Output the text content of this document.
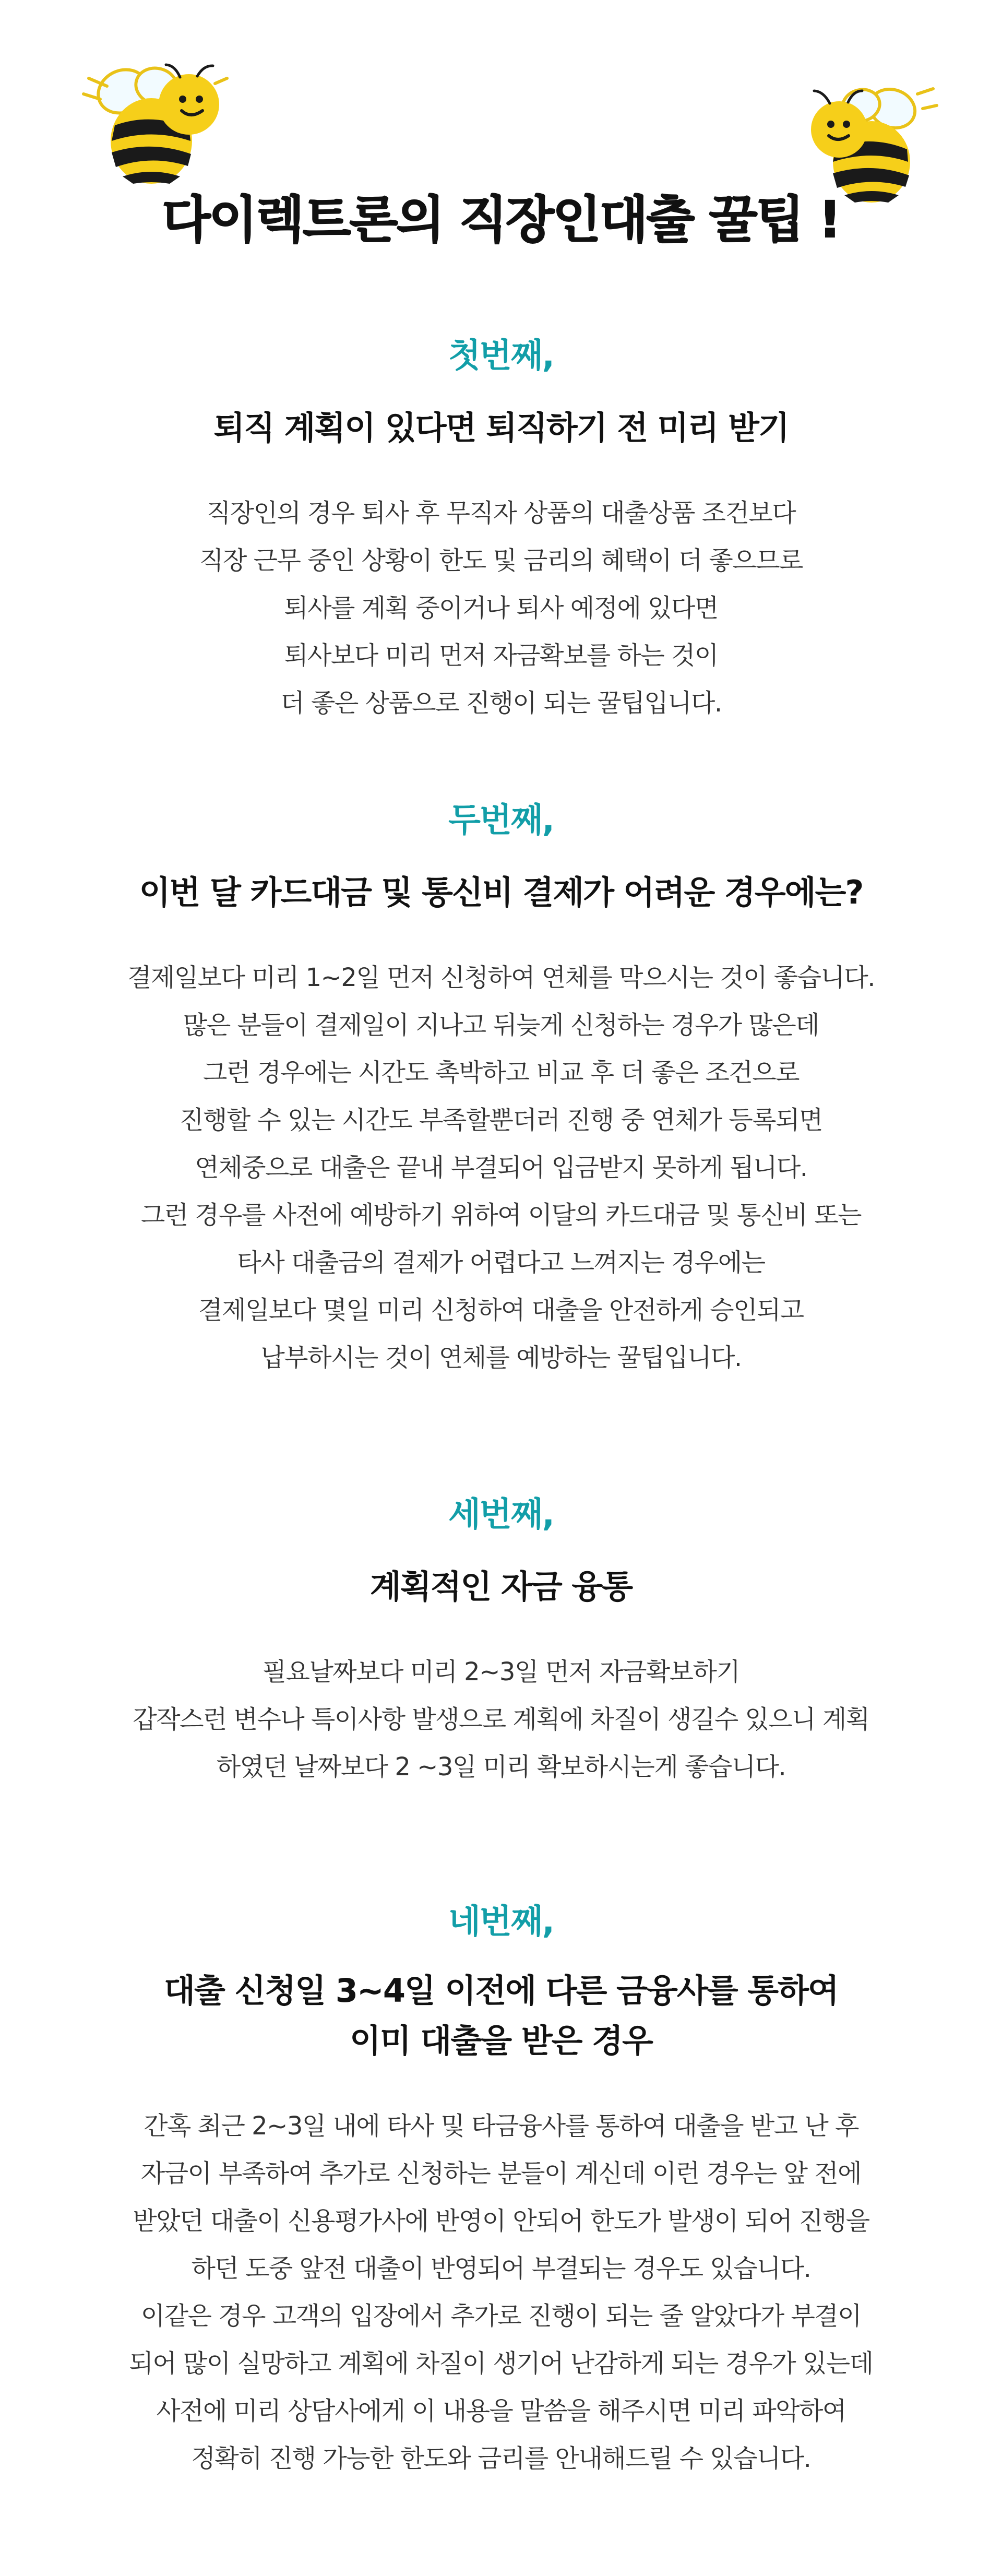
다이렉트론의 직장인대출 꿀팁 !
첫번째,
퇴직 계획이 있다면 퇴직하기 전 미리 받기
직장인의 경우 퇴사 후 무직자 상품의 대출상품 조건보다
직장 근무 중인 상황이 한도 및 금리의 혜택이 더 좋으므로
퇴사를 계획 중이거나 퇴사 예정에 있다면
퇴사보다 미리 먼저 자금확보를 하는 것이
더 좋은 상품으로 진행이 되는 꿀팁입니다.
두번째,
이번 달 카드대금 및 통신비 결제가 어려운 경우에는?
결제일보다 미리 1~2일 먼저 신청하여 연체를 막으시는 것이 좋습니다.
많은 분들이 결제일이 지나고 뒤늦게 신청하는 경우가 많은데
그런 경우에는 시간도 촉박하고 비교 후 더 좋은 조건으로
진행할 수 있는 시간도 부족할뿐더러 진행 중 연체가 등록되면
연체중으로 대출은 끝내 부결되어 입금받지 못하게 됩니다.
그런 경우를 사전에 예방하기 위하여 이달의 카드대금 및 통신비 또는
타사 대출금의 결제가 어렵다고 느껴지는 경우에는
결제일보다 몇일 미리 신청하여 대출을 안전하게 승인되고
납부하시는 것이 연체를 예방하는 꿀팁입니다.
세번째,
계획적인 자금 융통
필요날짜보다 미리 2~3일 먼저 자금확보하기
갑작스런 변수나 특이사항 발생으로 계획에 차질이 생길수 있으니 계획
하였던 날짜보다 2 ~3일 미리 확보하시는게 좋습니다.
네번째,
대출 신청일 3~4일 이전에 다른 금융사를 통하여
이미 대출을 받은 경우
간혹 최근 2~3일 내에 타사 및 타금융사를 통하여 대출을 받고 난 후
자금이 부족하여 추가로 신청하는 분들이 계신데 이런 경우는 앞 전에
받았던 대출이 신용평가사에 반영이 안되어 한도가 발생이 되어 진행을
하던 도중 앞전 대출이 반영되어 부결되는 경우도 있습니다.
이같은 경우 고객의 입장에서 추가로 진행이 되는 줄 알았다가 부결이
되어 많이 실망하고 계획에 차질이 생기어 난감하게 되는 경우가 있는데
사전에 미리 상담사에게 이 내용을 말씀을 해주시면 미리 파악하여
정확히 진행 가능한 한도와 금리를 안내해드릴 수 있습니다.
